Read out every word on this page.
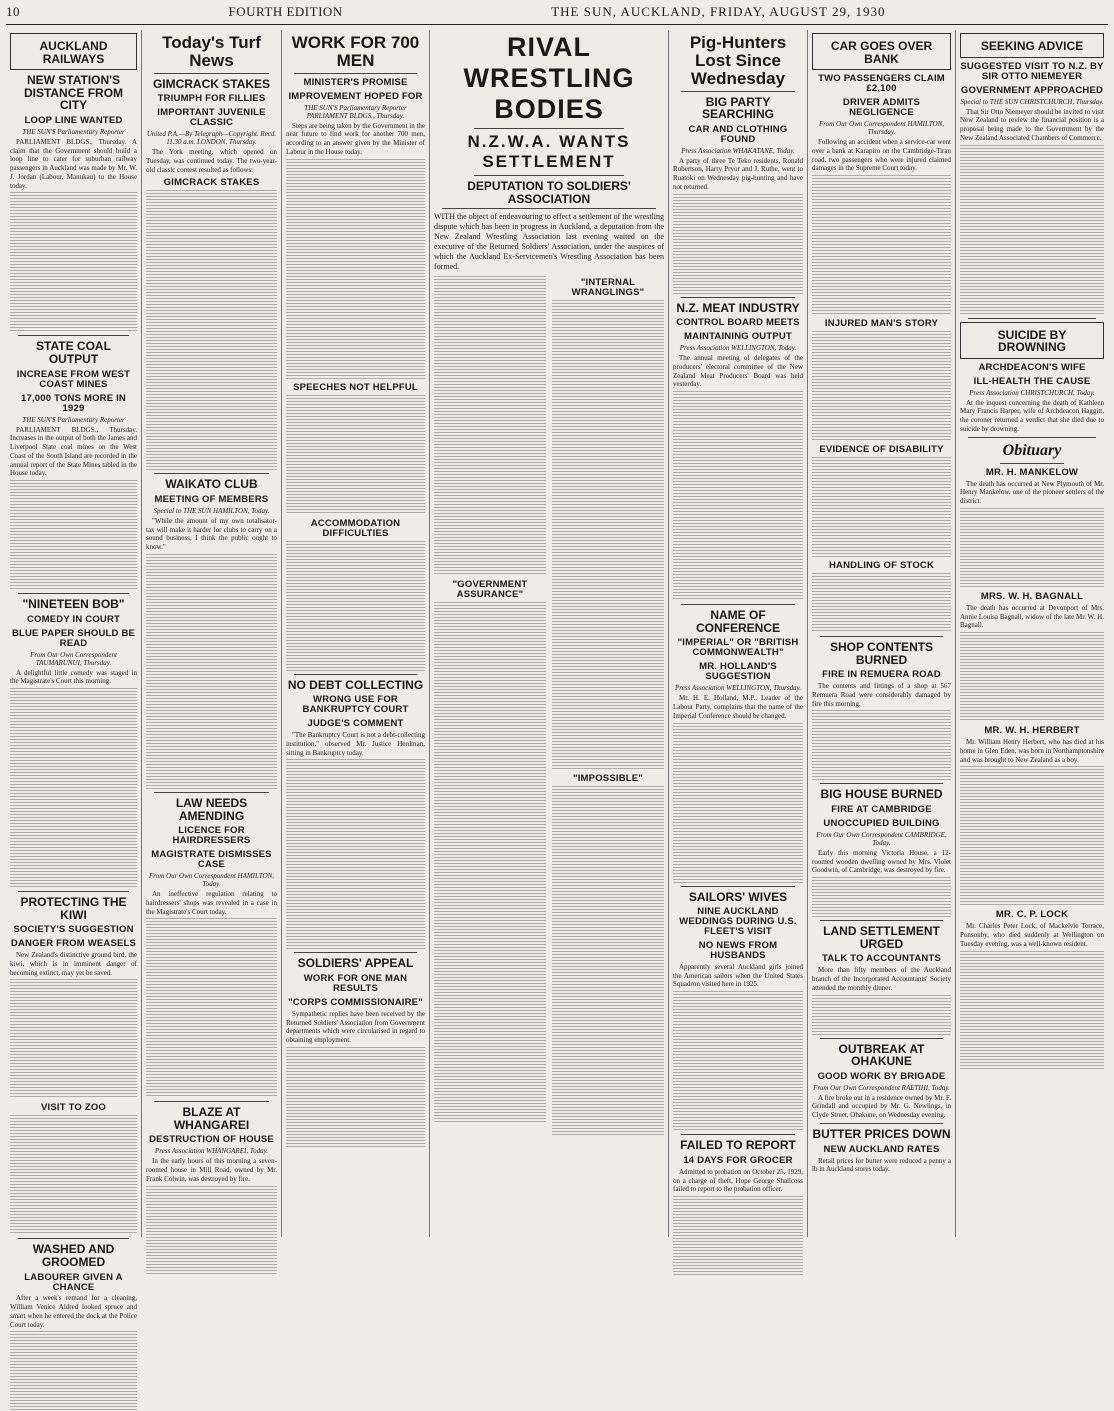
10	FOURTH EDITION	THE SUN, AUCKLAND, FRIDAY, AUGUST 29, 1930
AUCKLAND RAILWAYS
NEW STATION'S DISTANCE FROM CITY
LOOP LINE WANTED
THE SUN'S Parliamentary Reporter

PARLIAMENT BLDGS., Thursday. A claim that the Government should build a loop line to cater for suburban railway passengers in Auckland was made by Mr. W. J. Jordan (Labour, Manukau) to the House today.

STATE COAL OUTPUT
INCREASE FROM WEST COAST MINES
17,000 TONS MORE IN 1929
THE SUN'S Parliamentary Reporter

PARLIAMENT BLDGS., Thursday. Increases in the output of both the James and Liverpool State coal mines on the West Coast of the South Island are recorded in the annual report of the State Mines tabled in the House today.

"NINETEEN BOB"
COMEDY IN COURT
BLUE PAPER SHOULD BE READ
From Our Own Correspondent TAUMARUNUI, Thursday.

A delightful little comedy was staged in the Magistrate's Court this morning.

PROTECTING THE KIWI
SOCIETY'S SUGGESTION
DANGER FROM WEASELS

New Zealand's distinctive ground bird, the kiwi, which is in imminent danger of becoming extinct, may yet be saved.

VISIT TO ZOO
WASHED AND GROOMED
LABOURER GIVEN A CHANCE

After a week's remand for a cleaning, William Venice Aldred looked spruce and smart when he entered the dock at the Police Court today.

Today's Turf News
GIMCRACK STAKES
TRIUMPH FOR FILLIES
IMPORTANT JUVENILE CLASSIC
United P.A.—By Telegraph—Copyright. Recd. 11.30 a.m. LONDON, Thursday.

The York meeting, which opened on Tuesday, was continued today. The two-year-old classic contest resulted as follows:

GIMCRACK STAKES
WAIKATO CLUB
MEETING OF MEMBERS
Special to THE SUN HAMILTON, Today.

"While the amount of my own totalisator-tax will make it harder for clubs to carry on a sound business, I think the public ought to know."

LAW NEEDS AMENDING
LICENCE FOR HAIRDRESSERS
MAGISTRATE DISMISSES CASE
From Our Own Correspondent HAMILTON, Today.

An ineffective regulation relating to hairdressers' shops was revealed in a case in the Magistrate's Court today.

BLAZE AT WHANGAREI
DESTRUCTION OF HOUSE
Press Association WHANGAREI, Today.

In the early hours of this morning a seven-roomed house in Mill Road, owned by Mr. Frank Colwin, was destroyed by fire.

WORK FOR 700 MEN
MINISTER'S PROMISE
IMPROVEMENT HOPED FOR
THE SUN'S Parliamentary Reporter PARLIAMENT BLDGS., Thursday.

Steps are being taken by the Government in the near future to find work for another 700 men, according to an answer given by the Minister of Labour in the House today.

SPEECHES NOT HELPFUL
ACCOMMODATION DIFFICULTIES
NO DEBT COLLECTING
WRONG USE FOR BANKRUPTCY COURT
JUDGE'S COMMENT

"The Bankruptcy Court is not a debt-collecting institution," observed Mr. Justice Herdman, sitting in Bankruptcy today.

SOLDIERS' APPEAL
WORK FOR ONE MAN RESULTS
"CORPS COMMISSIONAIRE"

Sympathetic replies have been received by the Returned Soldiers' Association from Government departments which were circularised in regard to obtaining employment.

RIVAL WRESTLING BODIES
N.Z.W.A. WANTS SETTLEMENT
DEPUTATION TO SOLDIERS' ASSOCIATION

WITH the object of endeavouring to effect a settlement of the wrestling dispute which has been in progress in Auckland, a deputation from the New Zealand Wrestling Association last evening waited on the executive of the Returned Soldiers' Association, under the auspices of which the Auckland Ex-Servicemen's Wrestling Association has been formed.

"GOVERNMENT ASSURANCE"
"INTERNAL WRANGLINGS"
"IMPOSSIBLE"
Pig-Hunters Lost Since Wednesday
BIG PARTY SEARCHING
CAR AND CLOTHING FOUND
Press Association WHAKATANE, Today.

A party of three Te Teko residents, Ronald Robertson, Harry Pryor and J. Ruthe, went to Ruatoki on Wednesday pig-hunting and have not returned.

N.Z. MEAT INDUSTRY
CONTROL BOARD MEETS
MAINTAINING OUTPUT
Press Association WELLINGTON, Today.

The annual meeting of delegates of the producers' electoral committee of the New Zealand Meat Producers' Board was held yesterday.

NAME OF CONFERENCE
"IMPERIAL" OR "BRITISH COMMONWEALTH"
MR. HOLLAND'S SUGGESTION
Press Association WELLINGTON, Thursday.

Mr. H. E. Holland, M.P., Leader of the Labour Party, complains that the name of the Imperial Conference should be changed.

SAILORS' WIVES
NINE AUCKLAND WEDDINGS DURING U.S. FLEET'S VISIT
NO NEWS FROM HUSBANDS

Apparently several Auckland girls joined the American sailors when the United States Squadron visited here in 1925.

FAILED TO REPORT
14 DAYS FOR GROCER

Admitted to probation on October 25, 1929, on a charge of theft, Hope George Shallcoss failed to report to the probation officer.

CAR GOES OVER BANK
TWO PASSENGERS CLAIM £2,100
DRIVER ADMITS NEGLIGENCE
From Our Own Correspondent HAMILTON, Thursday.

Following an accident when a service-car went over a bank at Karapiro on the Cambridge-Tirau road, two passengers who were injured claimed damages in the Supreme Court today.

INJURED MAN'S STORY
EVIDENCE OF DISABILITY
HANDLING OF STOCK
SHOP CONTENTS BURNED
FIRE IN REMUERA ROAD

The contents and fittings of a shop at 567 Remuera Road were considerably damaged by fire this morning.

BIG HOUSE BURNED
FIRE AT CAMBRIDGE
UNOCCUPIED BUILDING
From Our Own Correspondent CAMBRIDGE, Today.

Early this morning Victoria House, a 12-roomed wooden dwelling owned by Mrs. Violet Goodwin, of Cambridge, was destroyed by fire.

LAND SETTLEMENT URGED
TALK TO ACCOUNTANTS

More than fifty members of the Auckland branch of the Incorporated Accountants' Society attended the monthly dinner.

OUTBREAK AT OHAKUNE
GOOD WORK BY BRIGADE
From Our Own Correspondent RAETIHI, Today.

A fire broke out in a residence owned by Mr. F. Grindall and occupied by Mr. G. Newlings, in Clyde Street, Ohakune, on Wednesday evening.

BUTTER PRICES DOWN
NEW AUCKLAND RATES

Retail prices for butter were reduced a penny a lb in Auckland stores today.

SEEKING ADVICE
SUGGESTED VISIT TO N.Z. BY SIR OTTO NIEMEYER
GOVERNMENT APPROACHED
Special to THE SUN CHRISTCHURCH, Thursday.

That Sir Otto Niemeyer should be invited to visit New Zealand to review the financial position is a proposal being made to the Government by the New Zealand Associated Chambers of Commerce.

SUICIDE BY DROWNING
ARCHDEACON'S WIFE
ILL-HEALTH THE CAUSE
Press Association CHRISTCHURCH, Today.

At the inquest concerning the death of Kathleen Mary Francis Harper, wife of Archdeacon Haggitt, the coroner returned a verdict that she died due to suicide by drowning.

Obituary
MR. H. MANKELOW

The death has occurred at New Plymouth of Mr. Henry Mankelow, one of the pioneer settlers of the district.

MRS. W. H. BAGNALL

The death has occurred at Devonport of Mrs. Annie Louisa Bagnall, widow of the late Mr. W. H. Bagnall.

MR. W. H. HERBERT

Mr. William Henry Herbert, who has died at his home in Glen Eden, was born in Northamptonshire and was brought to New Zealand as a boy.

MR. C. P. LOCK

Mr. Charles Peter Lock, of Mackelvie Terrace, Ponsonby, who died suddenly at Wellington on Tuesday evening, was a well-known resident.
